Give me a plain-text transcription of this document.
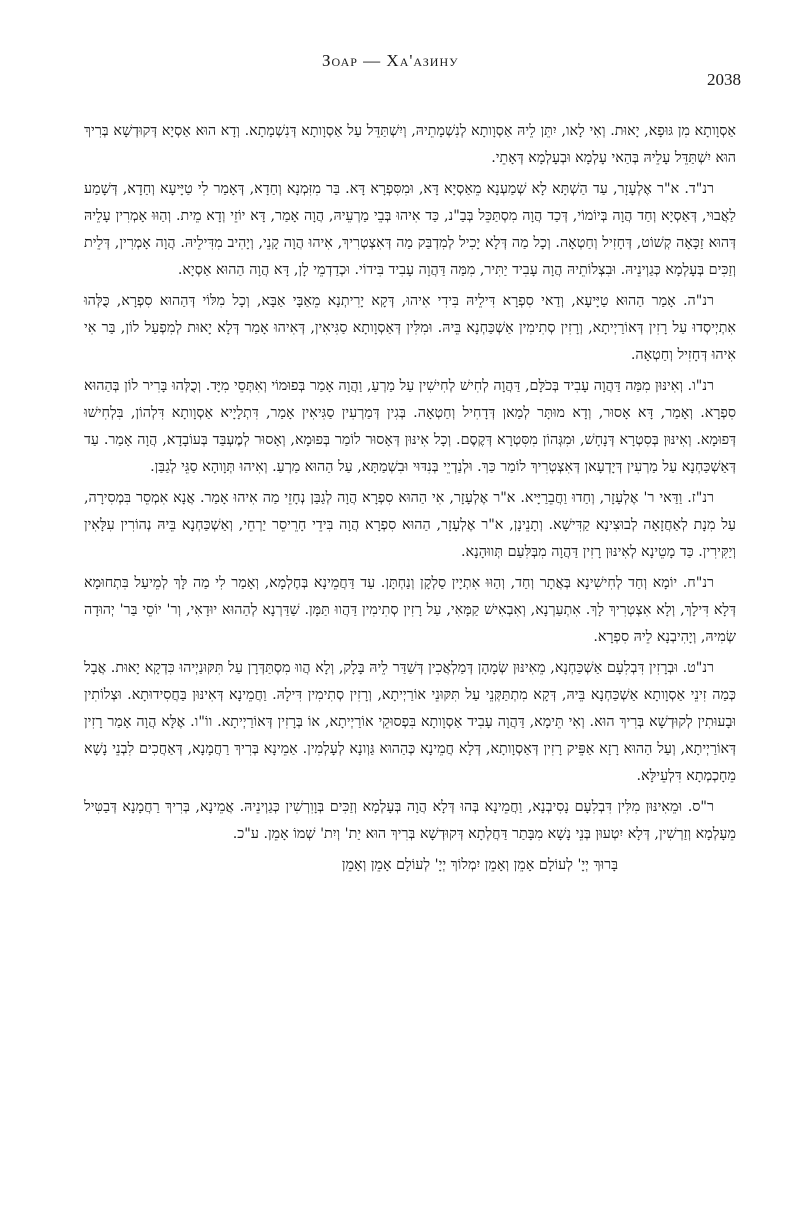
Зоар — Ха'азину
2038

אַסְוָותָא מִן גּוּפָא, יָאוּת. וְאִי לָאו, יִתֵּן לֵיהּ אַסְוָותָא לְנִשְׁמָתֵיהּ, וְיִשְׁתַּדֵּל עַל אַסְוָותָא דְּנִשְׁמָתָא. וְדָא הוּא אַסְיָא דְּקוּדְשָׁא בְּרִיךְ הוּא יִשְׁתַּדֵּל עָלֵיהּ בְּהַאי עָלְמָא וּבְעָלְמָא דְּאָתֵי.

רנ"ד. א"ר אֶלְעָזָר, עַד הַשְׁתָּא לָא שְׁמַעְנָא מֵאַסְיָא דָּא, וּמִסִּפְרָא דָּא. בַּר מִזִּמְנָא וְחַדָא, דְּאָמַר לִי טַיָּיעָא וְחַדָא, דְּשָׁמַע לַאֲבוּי, דְּאַסְיָא וְחַד הֲוָה בְּיוֹמוֹי, דְּכַד הֲוָה מִסְתַּכֵּל בְּבַ"נ, כַּד אִיהוּ בְּבֵי מַרְעֵיהּ, הֲוָה אָמַר, דָּא יוֹזֵי וְדָא מֵית. וְהַוּוּ אָמְרִין עָלֵיהּ דְּהוּא זַכָּאָה קְשׁוֹט, דְּחָזִיל וְחַטְאָה. וְכָל מַה דְּלָא יָכִיל לְמִדְבַּק מַה דְּאִצְטְרִיךְ, אִיהוּ הֲוָה קָנֵי, וְיָהִיב מִדִּילֵיהּ. הֲוָה אָמְרִין, דְּלֵית וְזַכִּים בְּעָלְמָא כְּגַוְינֵיהּ. וּבִצְלוֹתֵיהּ הֲוָה עָבִיד יַתִּיר, מִמַּה דַּהֲוָה עָבִיד בִּידוֹי. וּכְדַדְמֵי לָן, דָּא הֲוָה הַהוּא אַסְיָא.

רנ"ה. אָמַר הַהוּא טַיָּיעָא, וְדַאי סִפְרָא דִּילֵיהּ בִּידִי אִיהוּ, דְּקָא יָרִיתְנָא מֵאַבָּי אַבָּא, וְכָל מִלּוֹי דְּהַהוּא סִפְרָא, כֻּלְּהוּ אִתְיְיסְדוּ עַל רָזִין דְּאוֹרַיְיתָא, וְרָזִין סְתִימִין אַשְׁכַּחְנָא בֵּיהּ. וּמִלִּין דְּאַסְוָותָא סַגִּיאִין, דְּאִיהוּ אָמַר דְּלָא יָאוּת לְמִפְעַל לוֹן, בַּר אִי אִיהוּ דְּחָזִיל וְחַטְאָה.

רנ"ו. וְאִינּוּן מִמַּה דַּהֲוָה עָבִיד בְּכֹלָּם, דַּהֲוָה לְחִישׁ לְחִישִׁין עַל מַרְעַ, וַהֲוָה אָמַר בְּפוּמוֹי וְאִתְּסֵי מִיָּד. וְכֻלְּהוּ בָּרִיר לוֹן בְּהַהוּא סִפְרָא. וְאָמַר, דָּא אָסוּר, וְדָא מוּתָּר לְמַאן דְּדָחִיל וְחַטְאָה. בְּגִין דְּמַרְעִין סַגִּיאִין אָמַר, דִּתְלָיָיא אַסְוָותָא דִּלְהוֹן, בִּלְחִישׁוּ דְּפוּמָא. וְאִינּוּן בְּסִטְרָא דְּנָחָשׁ, וּמִגְּהוֹן מִסִּטְרָא דְּקֶסֶם. וְכָל אִינּוּן דְּאָסוּר לוֹמַר בְּפוּמָא, וְאָסוּר לְמֶעְבַּד בְּעוֹבָדָא, הֲוָה אָמַר. עַד דְּאַשְׁכַּחְנָא עַל מַרְעִין דְּיָדְעָאן דְּאִצְטְרִיךְ לוֹמַר כַּךְ. וּלְנַדְיֵי בְּנִדּוּי וּבִשְׁמַתָּא, עַל הַהוּא מַרְעַ. וְאִיהוּ תְּוָוהָא סַגֵּי לְגַבַּן.

רנ"ז. וַדַּאי ר' אֶלְעָזָר, וְחַדוּ וַחֲבֵרַיָּיא. א"ר אֶלְעָזָר, אִי הַהוּא סִפְרָא הֲוָה לְגַבַּן נְחָזֵי מַה אִיהוּ אָמַר. אֲנָא אִמְסֵר בִּמְסִירָה, עַל מִנָת לְאַחֲזָאָה לְבוּצִינָא קַדִּישָׁא. וְתָנֵינָן, א"ר אֶלְעָזָר, הַהוּא סִפְרָא הֲוָה בִּידֵי חָרֵיסֵר יַרְחֵי, וְאַשְׁכַּחְנָא בֵּיהּ נְהוֹרִין עִלָּאִין וְיַקִּירִין. כַּד מָטֵינָא לְאִינּוּן רָזִין דַּהֲוָה מִבְּלִּעַם תְּווּהָנָא.

רנ"ח. יוֹמָא וְחַד לְחִישִׁינָא בְּאֲתָר וְחַד, וְהַוּוּ אִתְיָין סַלְקָן וְנַחְתָּן. עַד דַּחֲמֵינָא בְּחֶלְמָא, וְאָמַר לִי מַה לָּךְ לְמֵיעַל בִּתְחוּמָא דְּלָא דִּילָךְ, וְלָא אִצְטְרִיךְ לָךְ. אִתְעַרְנָא, וְאִבְאִישׁ קַמָּאִי, עַל רָזִין סְתִימִין דַּהֲווּ תַּמָּן. שַׁדַּרְנָא לְהַהוּא יוּדָאִי, וְר' יוֹסֵי בַּר' יְהוּדָה שְׂמִיהּ, וְיָהִיבְנָא לֵיהּ סִפְרָא.

רנ"ט. וּבְרָזִין דִּבְלִעָם אַשְׁכַּחְנָא, מֵאִינּוּן שְׂמָהָן דְּמַלְאֲכִין דְּשַׁדַּר לֵיהּ בָּלָק, וְלָא הֲווּ מִסְתַּדְּרָן עַל תִּקּוּנַיְיהוּ כִּדְקָא יָאוּת. אֲבָל כְּמַה זִינֵי אַסְוָותָא אַשְׁכַּחְנָא בֵּיהּ, דְּקָא מִתְתַּקְּנֵי עַל תִּקּוּנֵי אוֹרַיְיתָא, וְרָזִין סְתִימִין דִּילָהּ. וַחֲמֵינָא דְּאִינּוּן בַּחֲסִידוּתָא. וּצְלוֹתִין וּבָעוּתִין לְקוּדְשָׁא בְּרִיךְ הוּא. וְאִי תֵּימָא, דַּהֲוָה עָבִיד אַסְוָותָא בִּפְסוּקֵי אוֹרַיְיתָא, אוֹ בְּרָזִין דְּאוֹרַיְיתָא. ווֹ"ו. אֶלָּא הֲוָה אָמַר רָזִין דְּאוֹרַיְיתָא, וְעַל הַהוּא רָזָא אַפֵּיק רָזִין דְּאַסְוָותָא, דְּלָא חֲמֵינָא כְּהַהוּא גַּוְונָא לְעָלְמִין. אַמֵינָא בְּרִיךְ רַחֲמָנָא, דְּאַחֲכִים לִבְנֵי נָשָׁא מֵחָכְמְתָא דִּלְעֵילָּא.

ר"ס. וּמֵאִינּוּן מִלִּין דִּבְלִעָם נָסִיבְנָא, וַחֲמֵינָא בְּהוּ דְּלָא הֲוָה בְּעָלְמָא וְזַכִּים בְּוָוִרְשִׁין כְּגַוְינֵיהּ. אֲמֵינָא, בְּרִיךְ רַחֲמָנָא דְּבַטִּיל מֵעָלְמָא וְזַרְשִׁין, דְּלָא יִטְעוּן בְּנֵי נָשָׁא מִבָּתַר דַּחֲלְתָא דְּקוּדְשָׁא בְּרִיךְ הוּא יַת' וְיִת' שְׁמוֹ אָמֵן. ע"כ.

בָּרוּךְ יְיָ' לְעוֹלָם אָמֵן וְאָמֵן יִמְלוֹךְ יְיָ' לְעוֹלָם אָמֵן וְאָמֵן
